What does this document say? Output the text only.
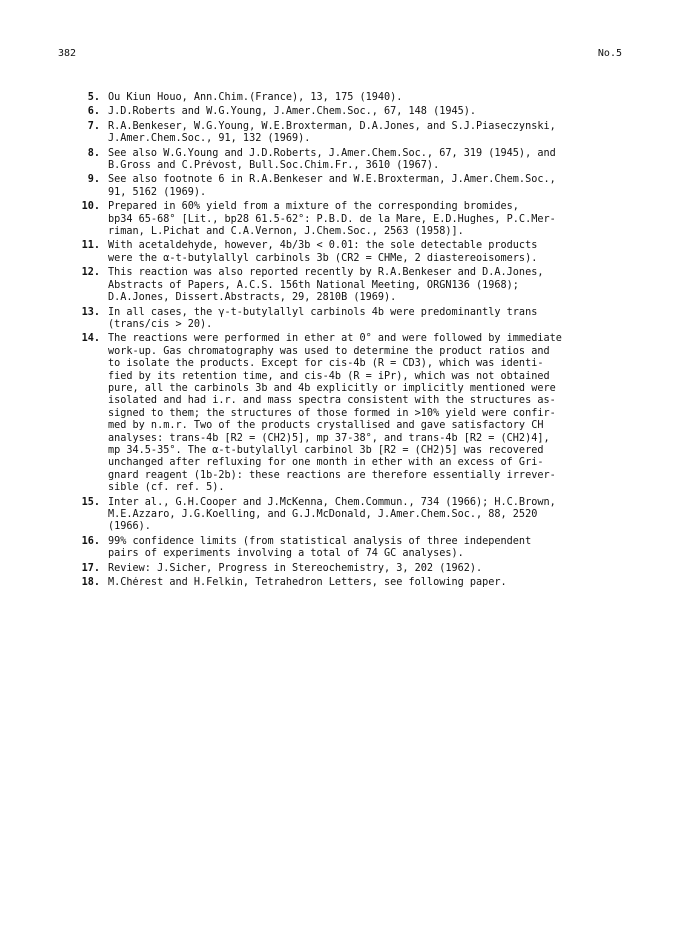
382	No.5
5. Ou Kiun Houo, Ann.Chim.(France), 13, 175 (1940).
6. J.D.Roberts and W.G.Young, J.Amer.Chem.Soc., 67, 148 (1945).
7. R.A.Benkeser, W.G.Young, W.E.Broxterman, D.A.Jones, and S.J.Piaseczynski,
J.Amer.Chem.Soc., 91, 132 (1969).
8. See also W.G.Young and J.D.Roberts, J.Amer.Chem.Soc., 67, 319 (1945), and
B.Gross and C.Prévost, Bull.Soc.Chim.Fr., 3610 (1967).
9. See also footnote 6 in R.A.Benkeser and W.E.Broxterman, J.Amer.Chem.Soc.,
91, 5162 (1969).
10. Prepared in 60% yield from a mixture of the corresponding bromides,
bp34 65-68° [Lit., bp28 61.5-62°: P.B.D. de la Mare, E.D.Hughes, P.C.Mer-
riman, L.Pichat and C.A.Vernon, J.Chem.Soc., 2563 (1958)].
11. With acetaldehyde, however, 4b/3b < 0.01: the sole detectable products
were the α-t-butylallyl carbinols 3b (CR2 = CHMe, 2 diastereoisomers).
12. This reaction was also reported recently by R.A.Benkeser and D.A.Jones,
Abstracts of Papers, A.C.S. 156th National Meeting, ORGN136 (1968);
D.A.Jones, Dissert.Abstracts, 29, 2810B (1969).
13. In all cases, the γ-t-butylallyl carbinols 4b were predominantly trans
(trans/cis > 20).
14. The reactions were performed in ether at 0° and were followed by immediate
work-up. Gas chromatography was used to determine the product ratios and
to isolate the products. Except for cis-4b (R = CD3), which was identi-
fied by its retention time, and cis-4b (R = iPr), which was not obtained
pure, all the carbinols 3b and 4b explicitly or implicitly mentioned were
isolated and had i.r. and mass spectra consistent with the structures as-
signed to them; the structures of those formed in >10% yield were confir-
med by n.m.r. Two of the products crystallised and gave satisfactory CH
analyses: trans-4b [R2 = (CH2)5], mp 37-38°, and trans-4b [R2 = (CH2)4],
mp 34.5-35°. The α-t-butylallyl carbinol 3b [R2 = (CH2)5] was recovered
unchanged after refluxing for one month in ether with an excess of Gri-
gnard reagent (1b-2b): these reactions are therefore essentially irrever-
sible (cf. ref. 5).
15. Inter al., G.H.Cooper and J.McKenna, Chem.Commun., 734 (1966); H.C.Brown,
M.E.Azzaro, J.G.Koelling, and G.J.McDonald, J.Amer.Chem.Soc., 88, 2520
(1966).
16. 99% confidence limits (from statistical analysis of three independent
pairs of experiments involving a total of 74 GC analyses).
17. Review: J.Sicher, Progress in Stereochemistry, 3, 202 (1962).
18. M.Chérest and H.Felkin, Tetrahedron Letters, see following paper.
